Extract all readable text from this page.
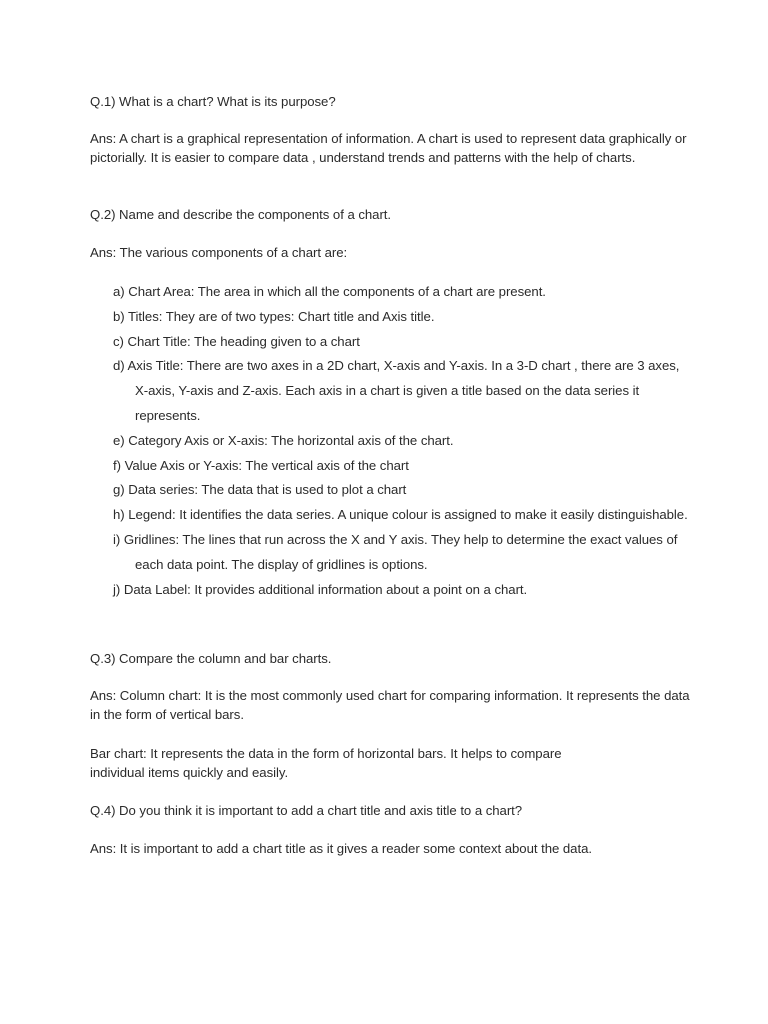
Q.1) What is a chart? What is its purpose?

Ans: A chart is a graphical representation of information. A chart is used to represent data graphically or pictorially. It is easier to compare data , understand trends and patterns with the help of charts.

Q.2) Name and describe the components of a chart.

Ans: The various components of a chart are:

a) Chart Area: The area in which all the components of a chart are present.
b) Titles: They are of two types: Chart title and Axis title.
c) Chart Title: The heading given to a chart
d) Axis Title: There are two axes in a 2D chart, X-axis and Y-axis. In a 3-D chart , there are 3 axes, X-axis, Y-axis and Z-axis. Each axis in a chart is given a title based on the data series it represents.
e) Category Axis or X-axis: The horizontal axis of the chart.
f) Value Axis or Y-axis: The vertical axis of the chart
g) Data series: The data that is used to plot a chart
h) Legend: It identifies the data series. A unique colour is assigned to make it easily distinguishable.
i) Gridlines: The lines that run across the X and Y axis. They help to determine the exact values of each data point. The display of gridlines is options.
j) Data Label: It provides additional information about a point on a chart.

Q.3) Compare the column and bar charts.

Ans: Column chart: It is the most commonly used chart for comparing information. It represents the data in the form of vertical bars.

Bar chart: It represents the data in the form of horizontal bars. It helps to compare
individual items quickly and easily.

Q.4) Do you think it is important to add a chart title and axis title to a chart?

Ans: It is important to add a chart title as it gives a reader some context about the data.
